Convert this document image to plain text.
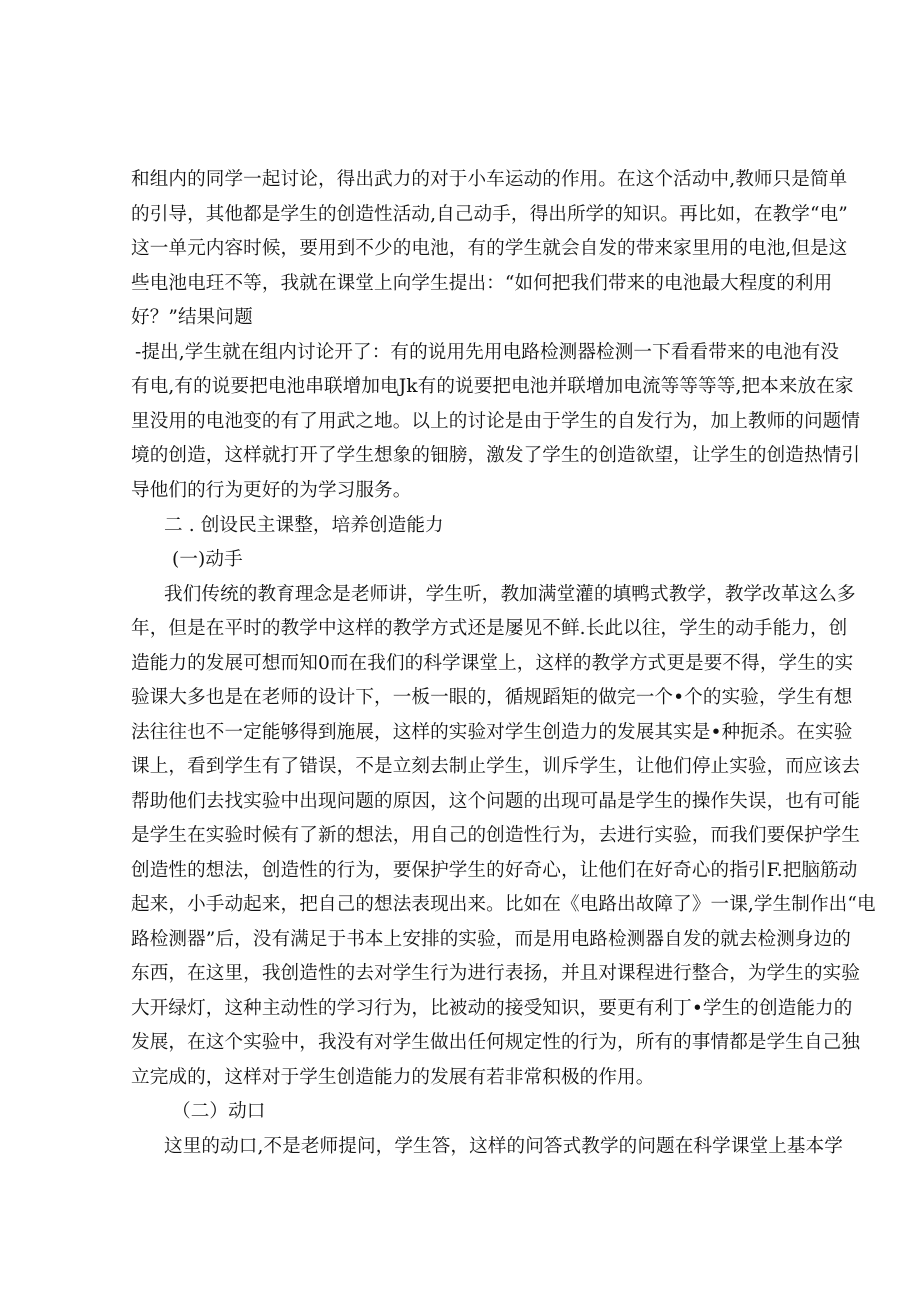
和组内的同学一起讨论，得出武力的对于小车运动的作用。在这个活动中,教师只是简单
的引导，其他都是学生的创造性活动,自己动手，得出所学的知识。再比如，在教学“电”
这一单元内容时候，要用到不少的电池，有的学生就会自发的带来家里用的电池,但是这
些电池电玨不等，我就在课堂上向学生提出：“如何把我们带来的电池最大程度的利用
好？”结果问题
-提出,学生就在组内讨论开了：有的说用先用电路检测器检测一下看看带来的电池有没
有电,有的说要把电池串联增加电Jk有的说要把电池并联增加电流等等等等,把本来放在家
里没用的电池变的有了用武之地。以上的讨论是由于学生的自发行为，加上教师的问题情
境的创造，这样就打开了学生想象的钿膀，激发了学生的创造欲望，让学生的创造热情引
导他们的行为更好的为学习服务。
二 . 创设民主课整，培养创造能力
(一)动手
我们传统的教育理念是老师讲，学生听，教加满堂灌的填鸭式教学，教学改革这么多
年，但是在平时的教学中这样的教学方式还是屡见不鲜.长此以往，学生的动手能力，创
造能力的发展可想而知0而在我们的科学课堂上，这样的教学方式更是要不得，学生的实
验课大多也是在老师的设计下，一板一眼的，循规蹈矩的做完一个•个的实验，学生有想
法往往也不一定能够得到施展，这样的实验对学生创造力的发展其实是•种扼杀。在实验
课上，看到学生有了错误，不是立刻去制止学生，训斥学生，让他们停止实验，而应该去
帮助他们去找实验中出现问题的原因，这个问题的出现可晶是学生的操作失误，也有可能
是学生在实验时候有了新的想法，用自己的创造性行为，去进行实验，而我们要保护学生
创造性的想法，创造性的行为，要保护学生的好奇心，让他们在好奇心的指引F.把脑筋动
起来，小手动起来，把自己的想法表现出来。比如在《电路出故障了》一课,学生制作出“电
路检测器”后，没有满足于书本上安排的实验，而是用电路检测器自发的就去检测身边的
东西，在这里，我创造性的去对学生行为进行表扬，并且对课程进行整合，为学生的实验
大开绿灯，这种主动性的学习行为，比被动的接受知识，要更有利丁•学生的创造能力的
发展，在这个实验中，我没有对学生做出任何规定性的行为，所有的事情都是学生自己独
立完成的，这样对于学生创造能力的发展有若非常积极的作用。
（二）动口
这里的动口,不是老师提问，学生答，这样的问答式教学的问题在科学课堂上基本学
